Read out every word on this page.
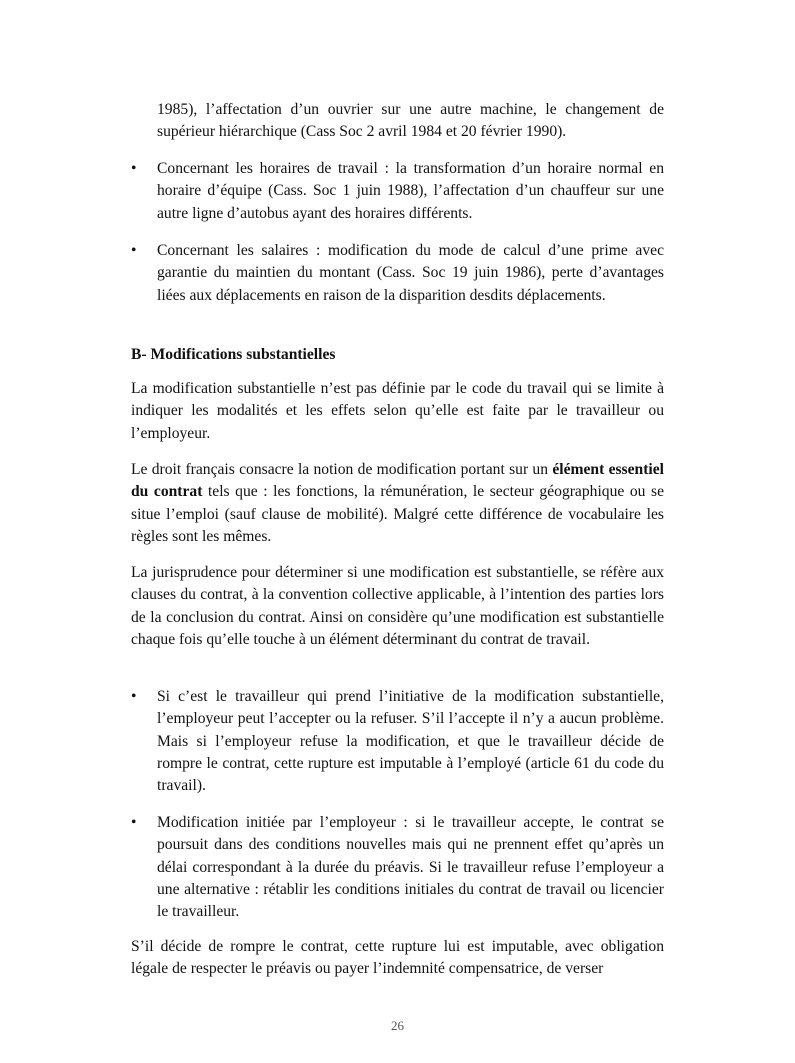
1985), l’affectation d’un ouvrier sur une autre machine, le changement de supérieur hiérarchique (Cass Soc 2 avril 1984 et 20 février 1990).

• Concernant les horaires de travail : la transformation d’un horaire normal en horaire d’équipe (Cass. Soc 1 juin 1988), l’affectation d’un chauffeur sur une autre ligne d’autobus ayant des horaires différents.

• Concernant les salaires : modification du mode de calcul d’une prime avec garantie du maintien du montant (Cass. Soc 19 juin 1986), perte d’avantages liées aux déplacements en raison de la disparition desdits déplacements.

B- Modifications substantielles

La modification substantielle n’est pas définie par le code du travail qui se limite à indiquer les modalités et les effets selon qu’elle est faite par le travailleur ou l’employeur.

Le droit français consacre la notion de modification portant sur un élément essentiel du contrat tels que : les fonctions, la rémunération, le secteur géographique ou se situe l’emploi (sauf clause de mobilité). Malgré cette différence de vocabulaire les règles sont les mêmes.

La jurisprudence pour déterminer si une modification est substantielle, se réfère aux clauses du contrat, à la convention collective applicable, à l’intention des parties lors de la conclusion du contrat. Ainsi on considère qu’une modification est substantielle chaque fois qu’elle touche à un élément déterminant du contrat de travail.

• Si c’est le travailleur qui prend l’initiative de la modification substantielle, l’employeur peut l’accepter ou la refuser. S’il l’accepte il n’y a aucun problème. Mais si l’employeur refuse la modification, et que le travailleur décide de rompre le contrat, cette rupture est imputable à l’employé (article 61 du code du travail).

• Modification initiée par l’employeur : si le travailleur accepte, le contrat se poursuit dans des conditions nouvelles mais qui ne prennent effet qu’après un délai correspondant à la durée du préavis. Si le travailleur refuse l’employeur a une alternative : rétablir les conditions initiales du contrat de travail ou licencier le travailleur.

S’il décide de rompre le contrat, cette rupture lui est imputable, avec obligation légale de respecter le préavis ou payer l’indemnité compensatrice, de verser

26
